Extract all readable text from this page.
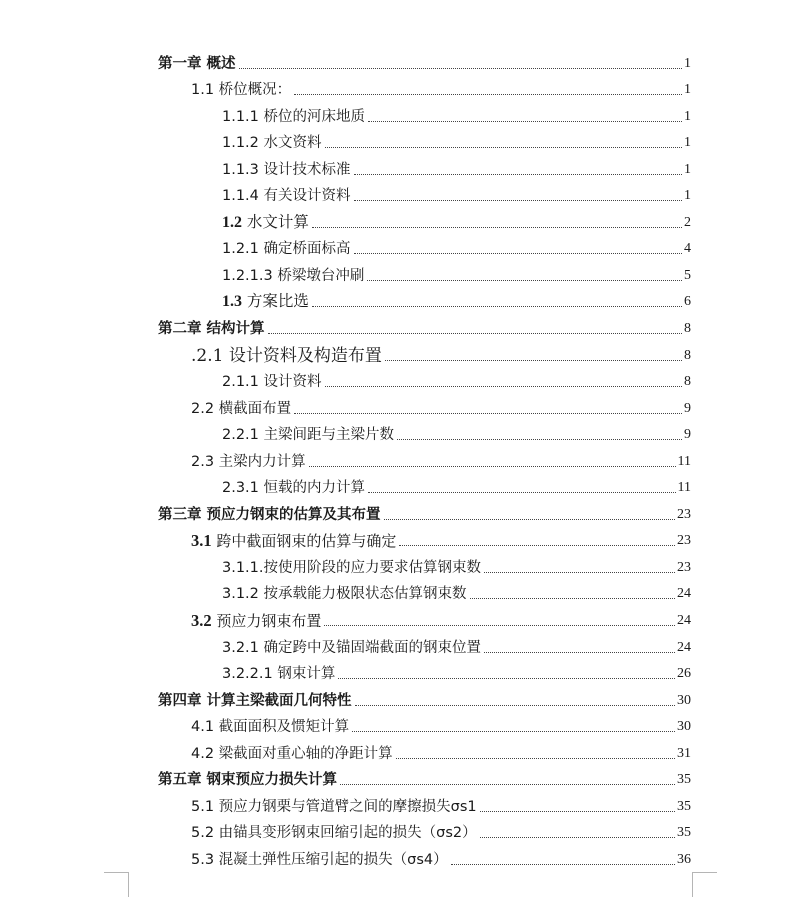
第一章 概述	1
1.1 桥位概况：	1
1.1.1 桥位的河床地质	1
1.1.2 水文资料	1
1.1.3 设计技术标准	1
1.1.4 有关设计资料	1
1.2 水文计算	2
1.2.1 确定桥面标高	4
1.2.1.3 桥梁墩台冲刷	5
1.3 方案比选	6
第二章 结构计算	8
.2.1 设计资料及构造布置	8
2.1.1 设计资料	8
2.2 横截面布置	9
2.2.1 主梁间距与主梁片数	9
2.3 主梁内力计算	11
2.3.1 恒载的内力计算	11
第三章 预应力钢束的估算及其布置	23
3.1 跨中截面钢束的估算与确定	23
3.1.1.按使用阶段的应力要求估算钢束数	23
3.1.2 按承载能力极限状态估算钢束数	24
3.2 预应力钢束布置	24
3.2.1 确定跨中及锚固端截面的钢束位置	24
3.2.2.1 钢束计算	26
第四章 计算主梁截面几何特性	30
4.1 截面面积及惯矩计算	30
4.2 梁截面对重心轴的净距计算	31
第五章 钢束预应力损失计算	35
5.1 预应力钢栗与管道臂之间的摩擦损失σs1	35
5.2 由锚具变形钢束回缩引起的损失（σs2）	35
5.3 混凝土弹性压缩引起的损失（σs4）	36
